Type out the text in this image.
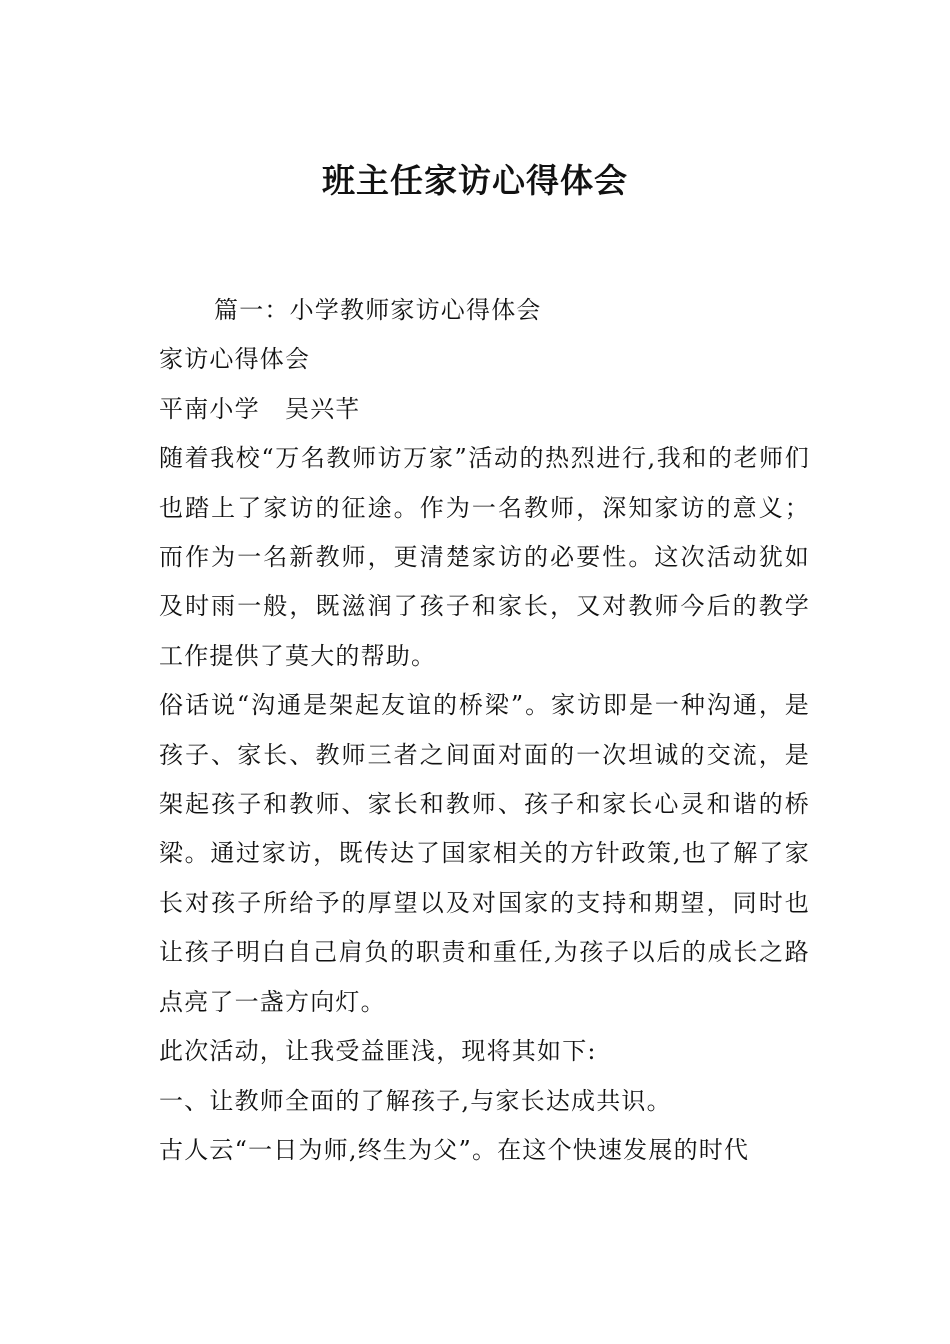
班主任家访心得体会

篇一：小学教师家访心得体会

家访心得体会

平南小学　吴兴芊

随着我校“万名教师访万家”活动的热烈进行,我和的老师们也踏上了家访的征途。作为一名教师，深知家访的意义；而作为一名新教师，更清楚家访的必要性。这次活动犹如及时雨一般，既滋润了孩子和家长，又对教师今后的教学工作提供了莫大的帮助。

俗话说“沟通是架起友谊的桥梁”。家访即是一种沟通，是孩子、家长、教师三者之间面对面的一次坦诚的交流，是架起孩子和教师、家长和教师、孩子和家长心灵和谐的桥梁。通过家访，既传达了国家相关的方针政策,也了解了家长对孩子所给予的厚望以及对国家的支持和期望，同时也让孩子明白自己肩负的职责和重任,为孩子以后的成长之路点亮了一盏方向灯。

此次活动，让我受益匪浅，现将其如下:

一、让教师全面的了解孩子,与家长达成共识。

古人云“一日为师,终生为父”。在这个快速发展的时代
